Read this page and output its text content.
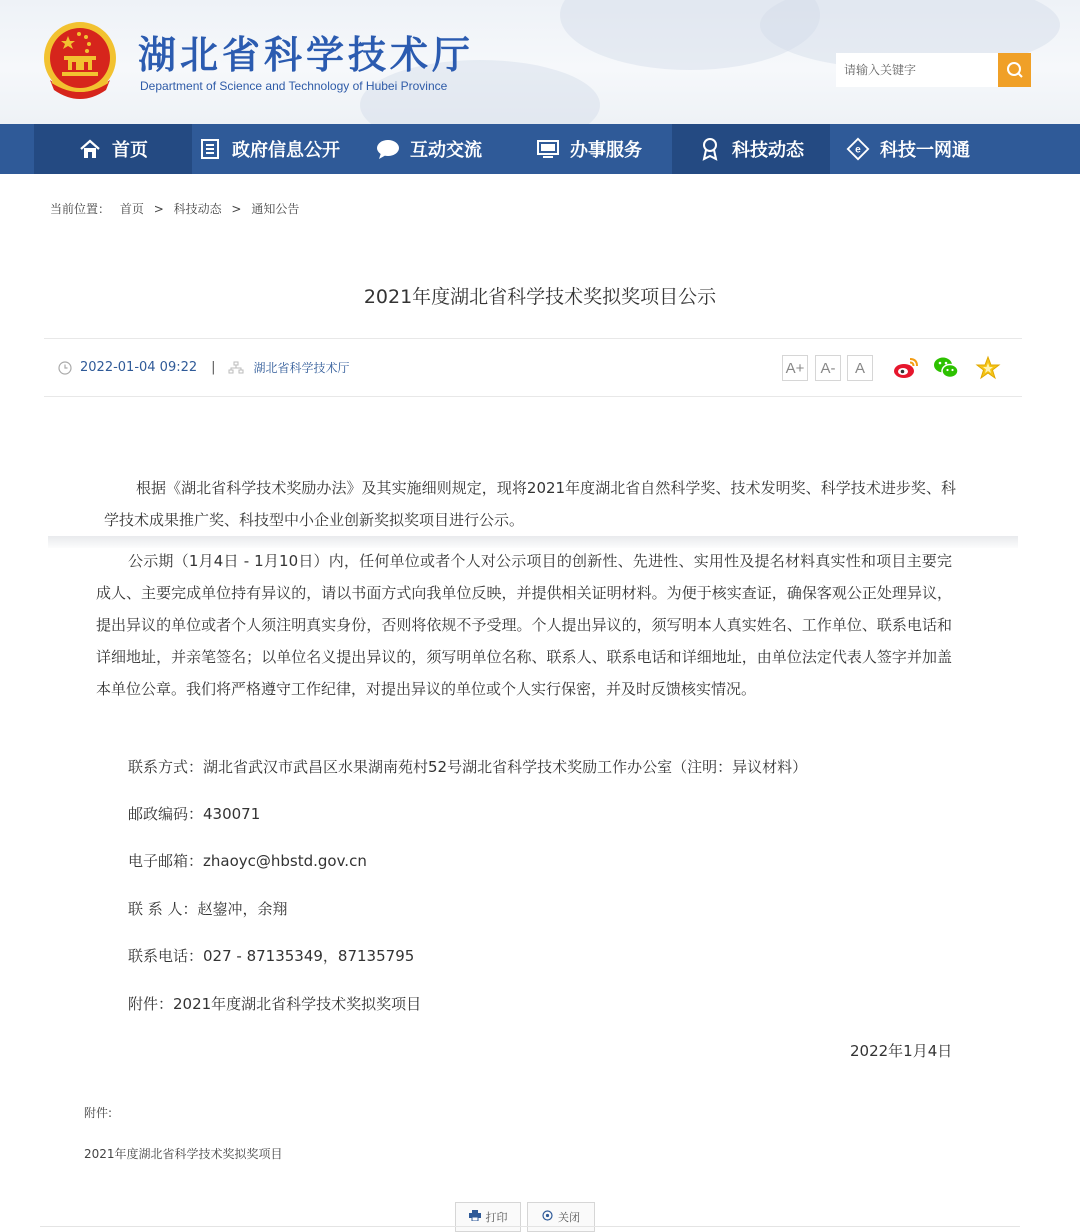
湖北省科学技术厅
Department of Science and Technology of Hubei Province
请输入关键字
首页	政府信息公开	互动交流	办事服务	科技动态	e 科技一网通
当前位置： 首页 > 科技动态 > 通知公告
2021年度湖北省科学技术奖拟奖项目公示
2022-01-04 09:22 |	湖北省科学技术厅	A+	A-	A
根据《湖北省科学技术奖励办法》及其实施细则规定，现将2021年度湖北省自然科学奖、技术发明奖、科学技术进步奖、科学技术成果推广奖、科技型中小企业创新奖拟奖项目进行公示。
公示期（1月4日 - 1月10日）内，任何单位或者个人对公示项目的创新性、先进性、实用性及提名材料真实性和项目主要完成人、主要完成单位持有异议的，请以书面方式向我单位反映，并提供相关证明材料。为便于核实查证，确保客观公正处理异议，提出异议的单位或者个人须注明真实身份，否则将依规不予受理。个人提出异议的，须写明本人真实姓名、工作单位、联系电话和详细地址，并亲笔签名；以单位名义提出异议的，须写明单位名称、联系人、联系电话和详细地址，由单位法定代表人签字并加盖本单位公章。我们将严格遵守工作纪律，对提出异议的单位或个人实行保密，并及时反馈核实情况。
联系方式：湖北省武汉市武昌区水果湖南苑村52号湖北省科学技术奖励工作办公室（注明：异议材料）
邮政编码：430071
电子邮箱：zhaoyc@hbstd.gov.cn
联 系 人：赵鋆冲，余翔
联系电话：027 - 87135349，87135795
附件：2021年度湖北省科学技术奖拟奖项目
2022年1月4日
附件:
2021年度湖北省科学技术奖拟奖项目
打印	关闭
